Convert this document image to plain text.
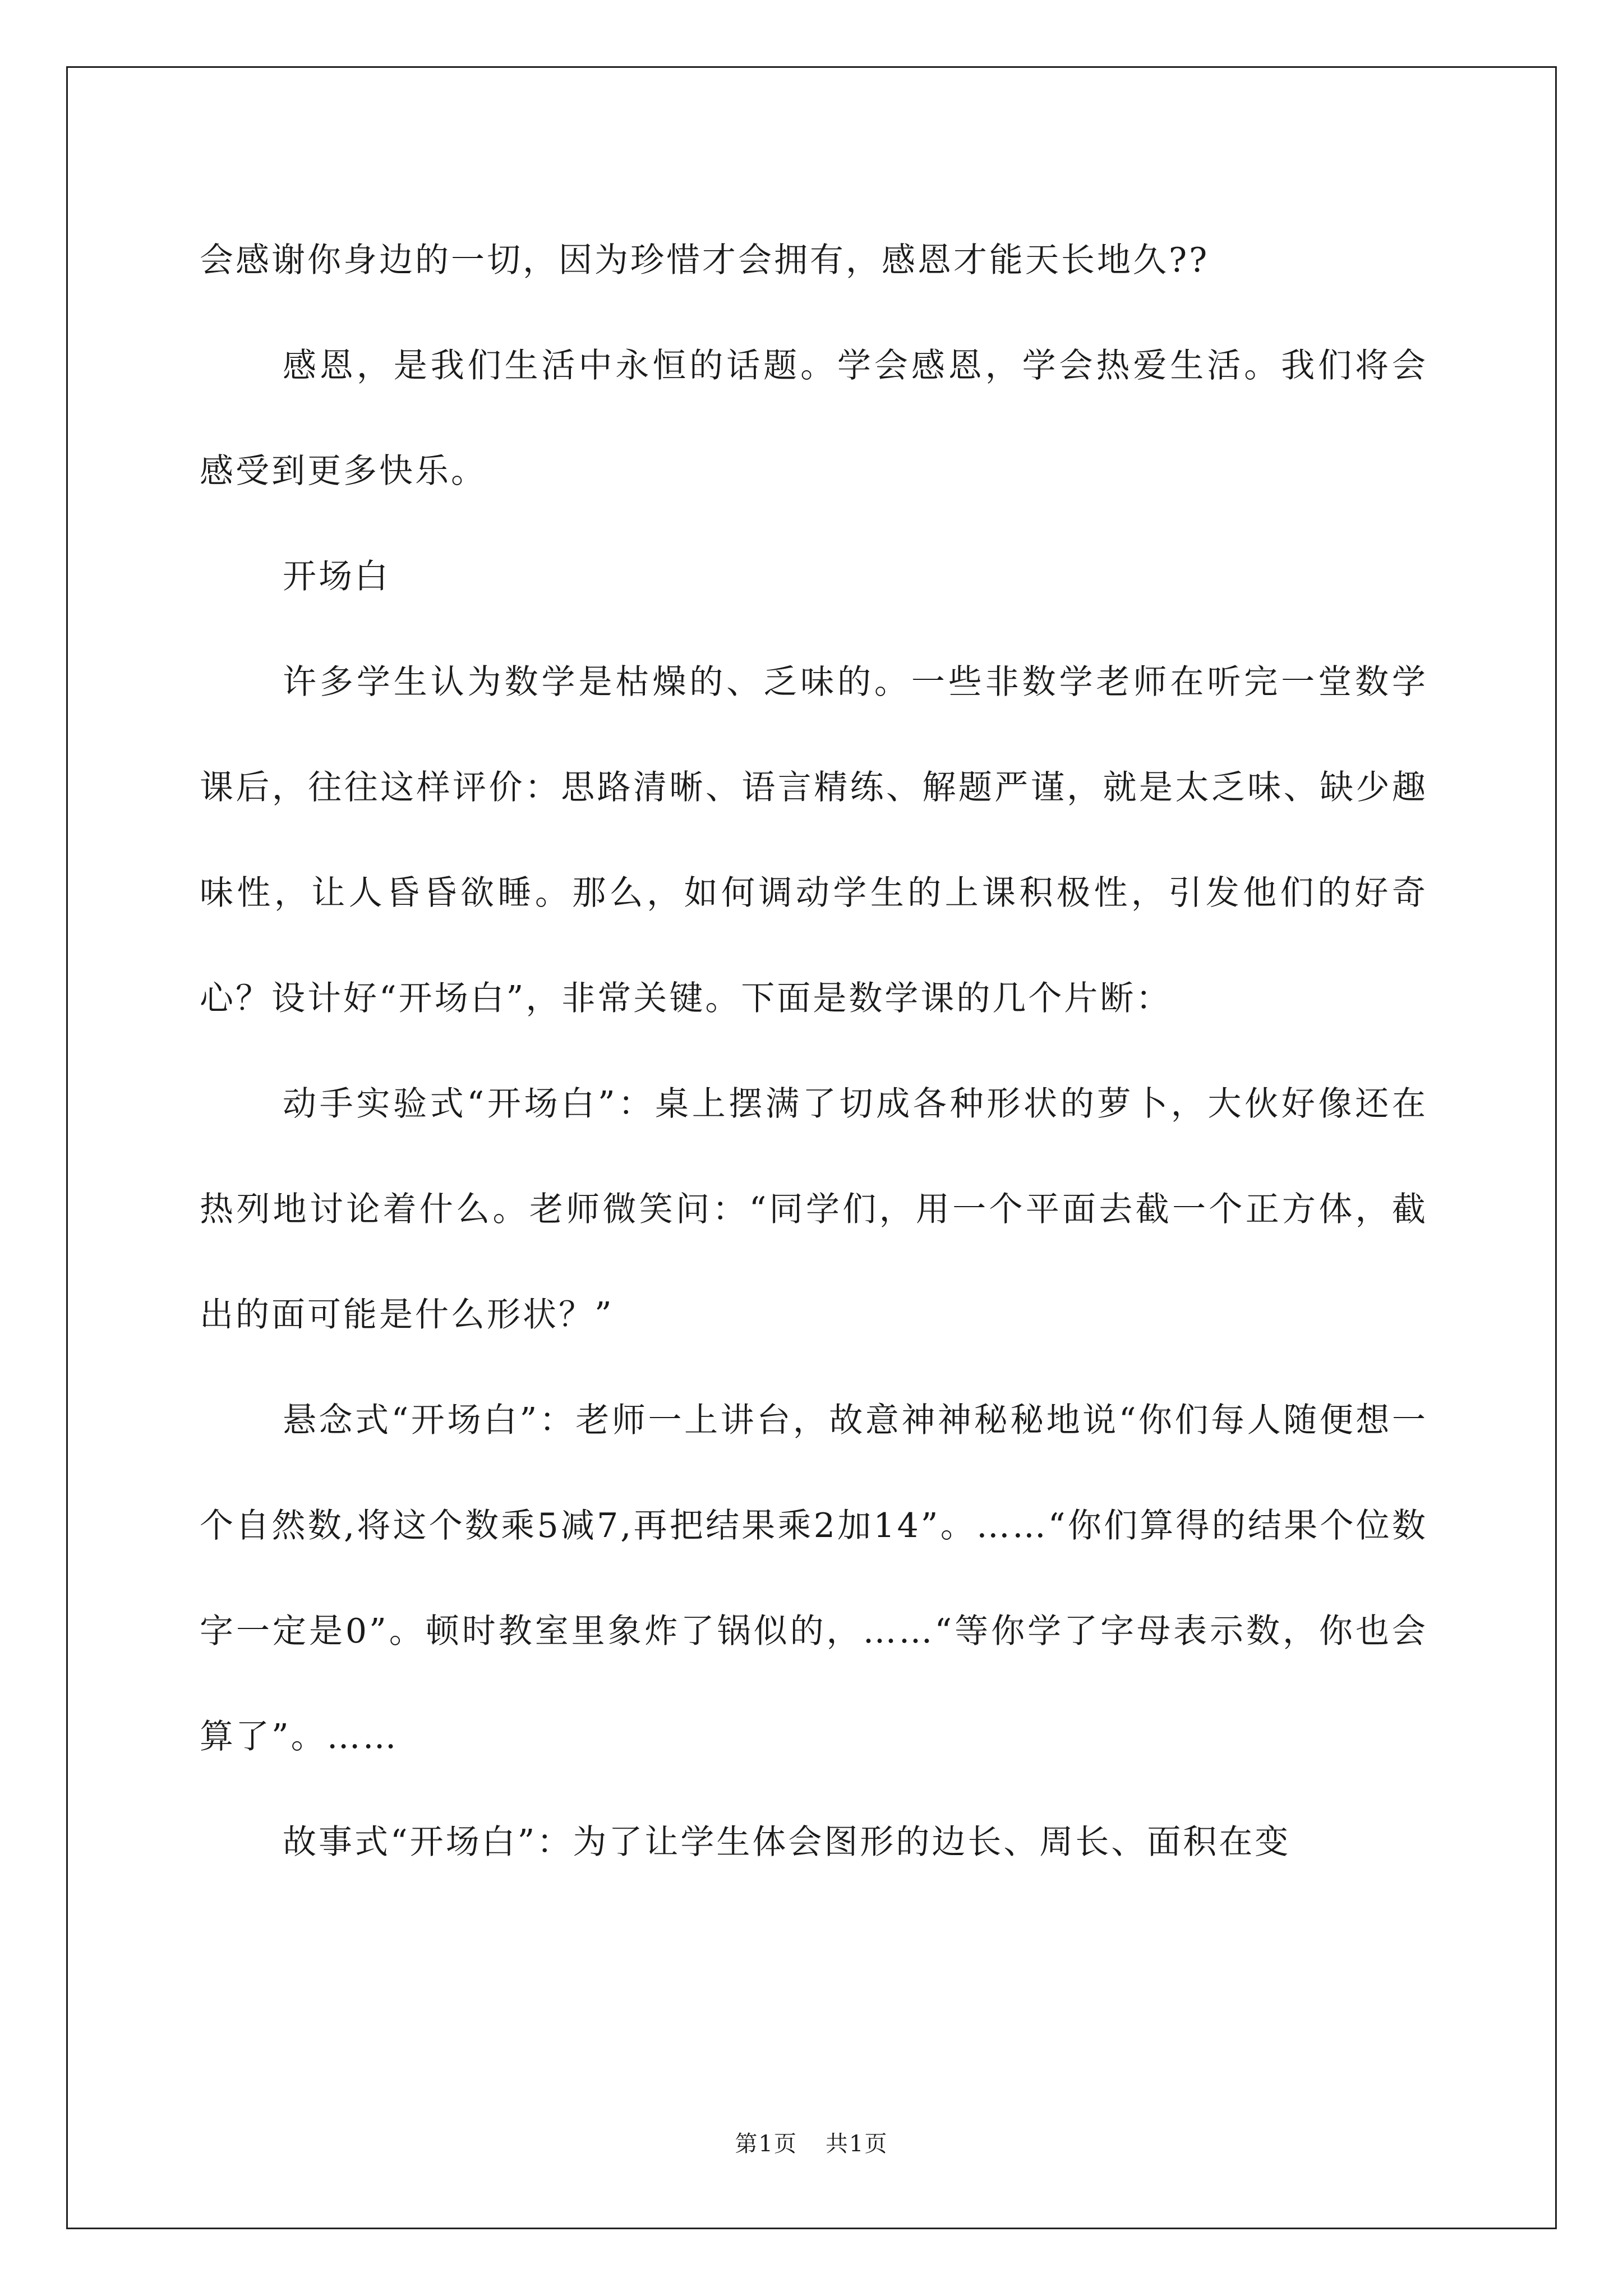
会感谢你身边的一切，因为珍惜才会拥有，感恩才能天长地久??

感恩，是我们生活中永恒的话题。学会感恩，学会热爱生活。我们将会感受到更多快乐。

开场白

许多学生认为数学是枯燥的、乏味的。一些非数学老师在听完一堂数学课后，往往这样评价：思路清晰、语言精练、解题严谨，就是太乏味、缺少趣味性，让人昏昏欲睡。那么，如何调动学生的上课积极性，引发他们的好奇心？设计好“开场白”，非常关键。下面是数学课的几个片断：

动手实验式“开场白”：桌上摆满了切成各种形状的萝卜，大伙好像还在热列地讨论着什么。老师微笑问：“同学们，用一个平面去截一个正方体，截出的面可能是什么形状？”

悬念式“开场白”：老师一上讲台，故意神神秘秘地说“你们每人随便想一个自然数,将这个数乘5减7,再把结果乘2加14”。……“你们算得的结果个位数字一定是0”。顿时教室里象炸了锅似的，……“等你学了字母表示数，你也会算了”。……

故事式“开场白”：为了让学生体会图形的边长、周长、面积在变

第1页 共1页
